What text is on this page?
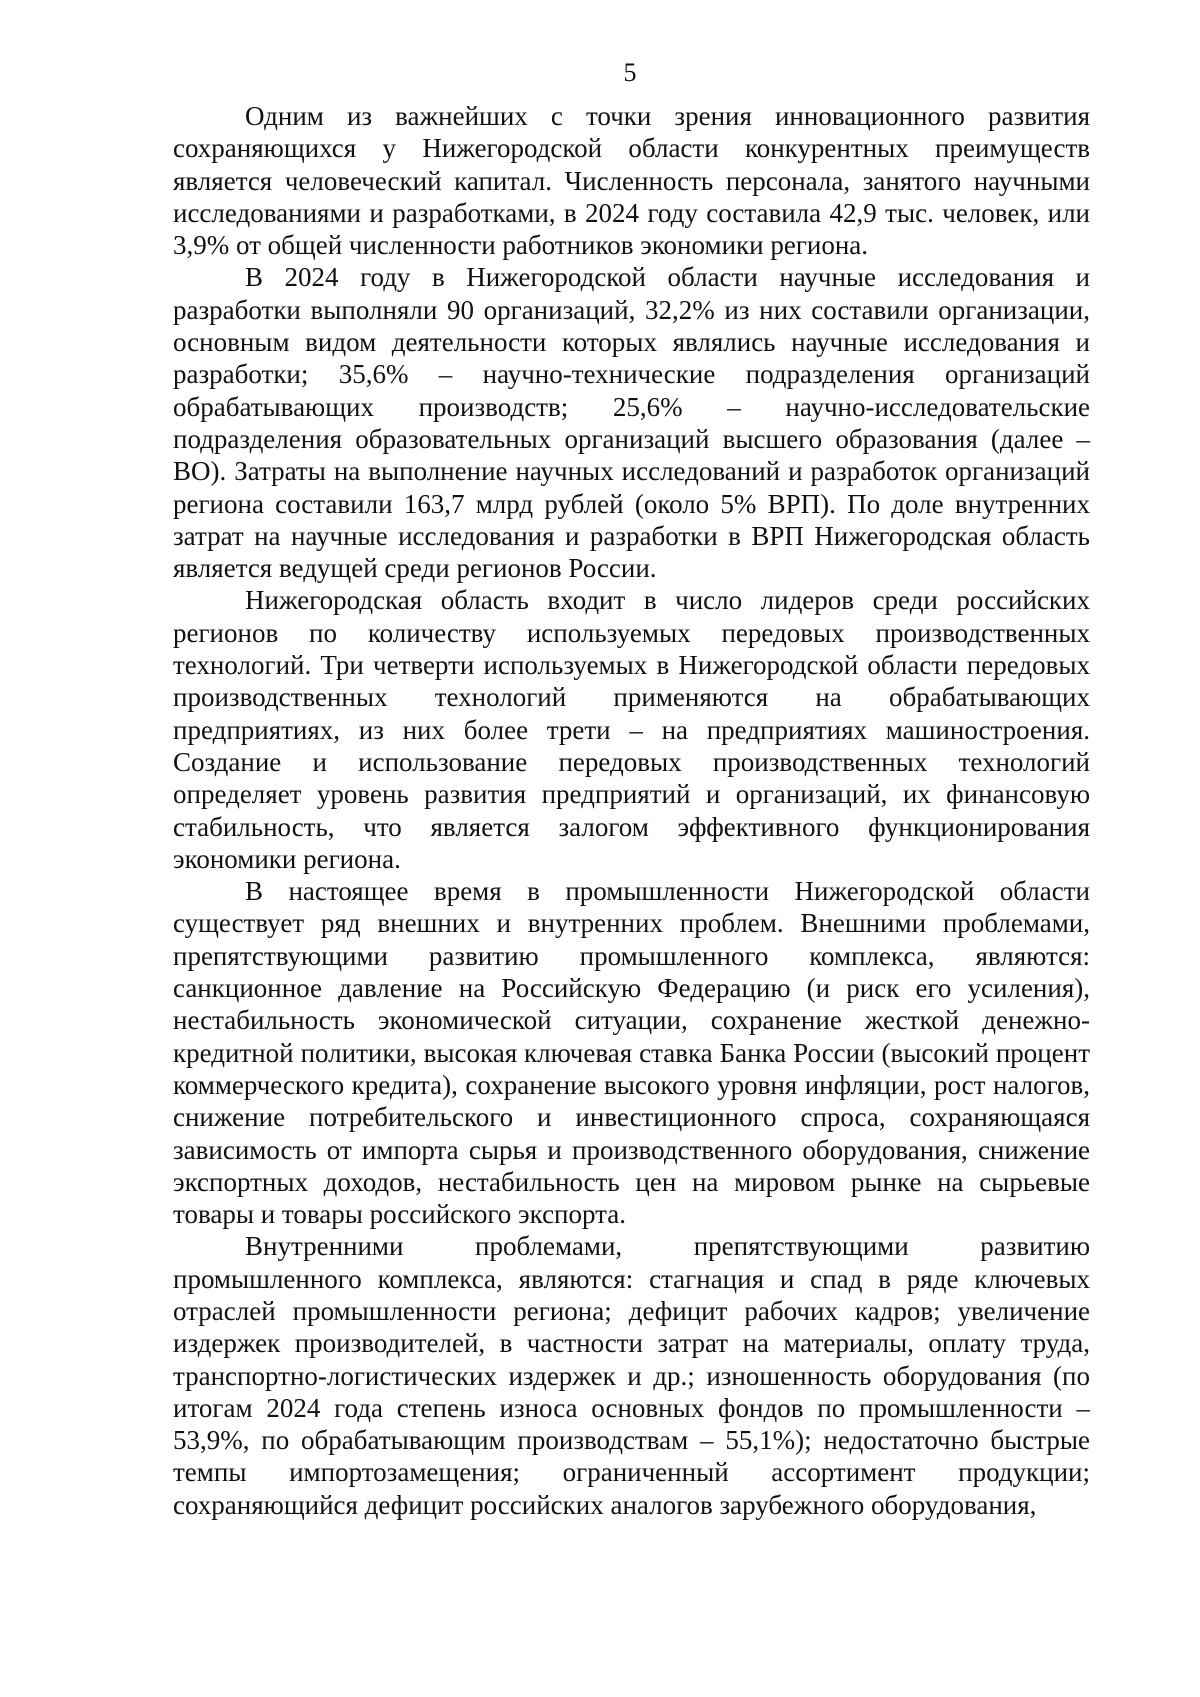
5

Одним из важнейших с точки зрения инновационного развития сохраняющихся у Нижегородской области конкурентных преимуществ является человеческий капитал. Численность персонала, занятого научными исследованиями и разработками, в 2024 году составила 42,9 тыс. человек, или 3,9% от общей численности работников экономики региона.

В 2024 году в Нижегородской области научные исследования и разработки выполняли 90 организаций, 32,2% из них составили организации, основным видом деятельности которых являлись научные исследования и разработки; 35,6% – научно-технические подразделения организаций обрабатывающих производств; 25,6% – научно-исследовательские подразделения образовательных организаций высшего образования (далее – ВО). Затраты на выполнение научных исследований и разработок организаций региона составили 163,7 млрд рублей (около 5% ВРП). По доле внутренних затрат на научные исследования и разработки в ВРП Нижегородская область является ведущей среди регионов России.

Нижегородская область входит в число лидеров среди российских регионов по количеству используемых передовых производственных технологий. Три четверти используемых в Нижегородской области передовых производственных технологий применяются на обрабатывающих предприятиях, из них более трети – на предприятиях машиностроения. Создание и использование передовых производственных технологий определяет уровень развития предприятий и организаций, их финансовую стабильность, что является залогом эффективного функционирования экономики региона.

В настоящее время в промышленности Нижегородской области существует ряд внешних и внутренних проблем. Внешними проблемами, препятствующими развитию промышленного комплекса, являются: санкционное давление на Российскую Федерацию (и риск его усиления), нестабильность экономической ситуации, сохранение жесткой денежно-кредитной политики, высокая ключевая ставка Банка России (высокий процент коммерческого кредита), сохранение высокого уровня инфляции, рост налогов, снижение потребительского и инвестиционного спроса, сохраняющаяся зависимость от импорта сырья и производственного оборудования, снижение экспортных доходов, нестабильность цен на мировом рынке на сырьевые товары и товары российского экспорта.

Внутренними проблемами, препятствующими развитию промышленного комплекса, являются: стагнация и спад в ряде ключевых отраслей промышленности региона; дефицит рабочих кадров; увеличение издержек производителей, в частности затрат на материалы, оплату труда, транспортно-логистических издержек и др.; изношенность оборудования (по итогам 2024 года степень износа основных фондов по промышленности – 53,9%, по обрабатывающим производствам – 55,1%); недостаточно быстрые темпы импортозамещения; ограниченный ассортимент продукции; сохраняющийся дефицит российских аналогов зарубежного оборудования,
